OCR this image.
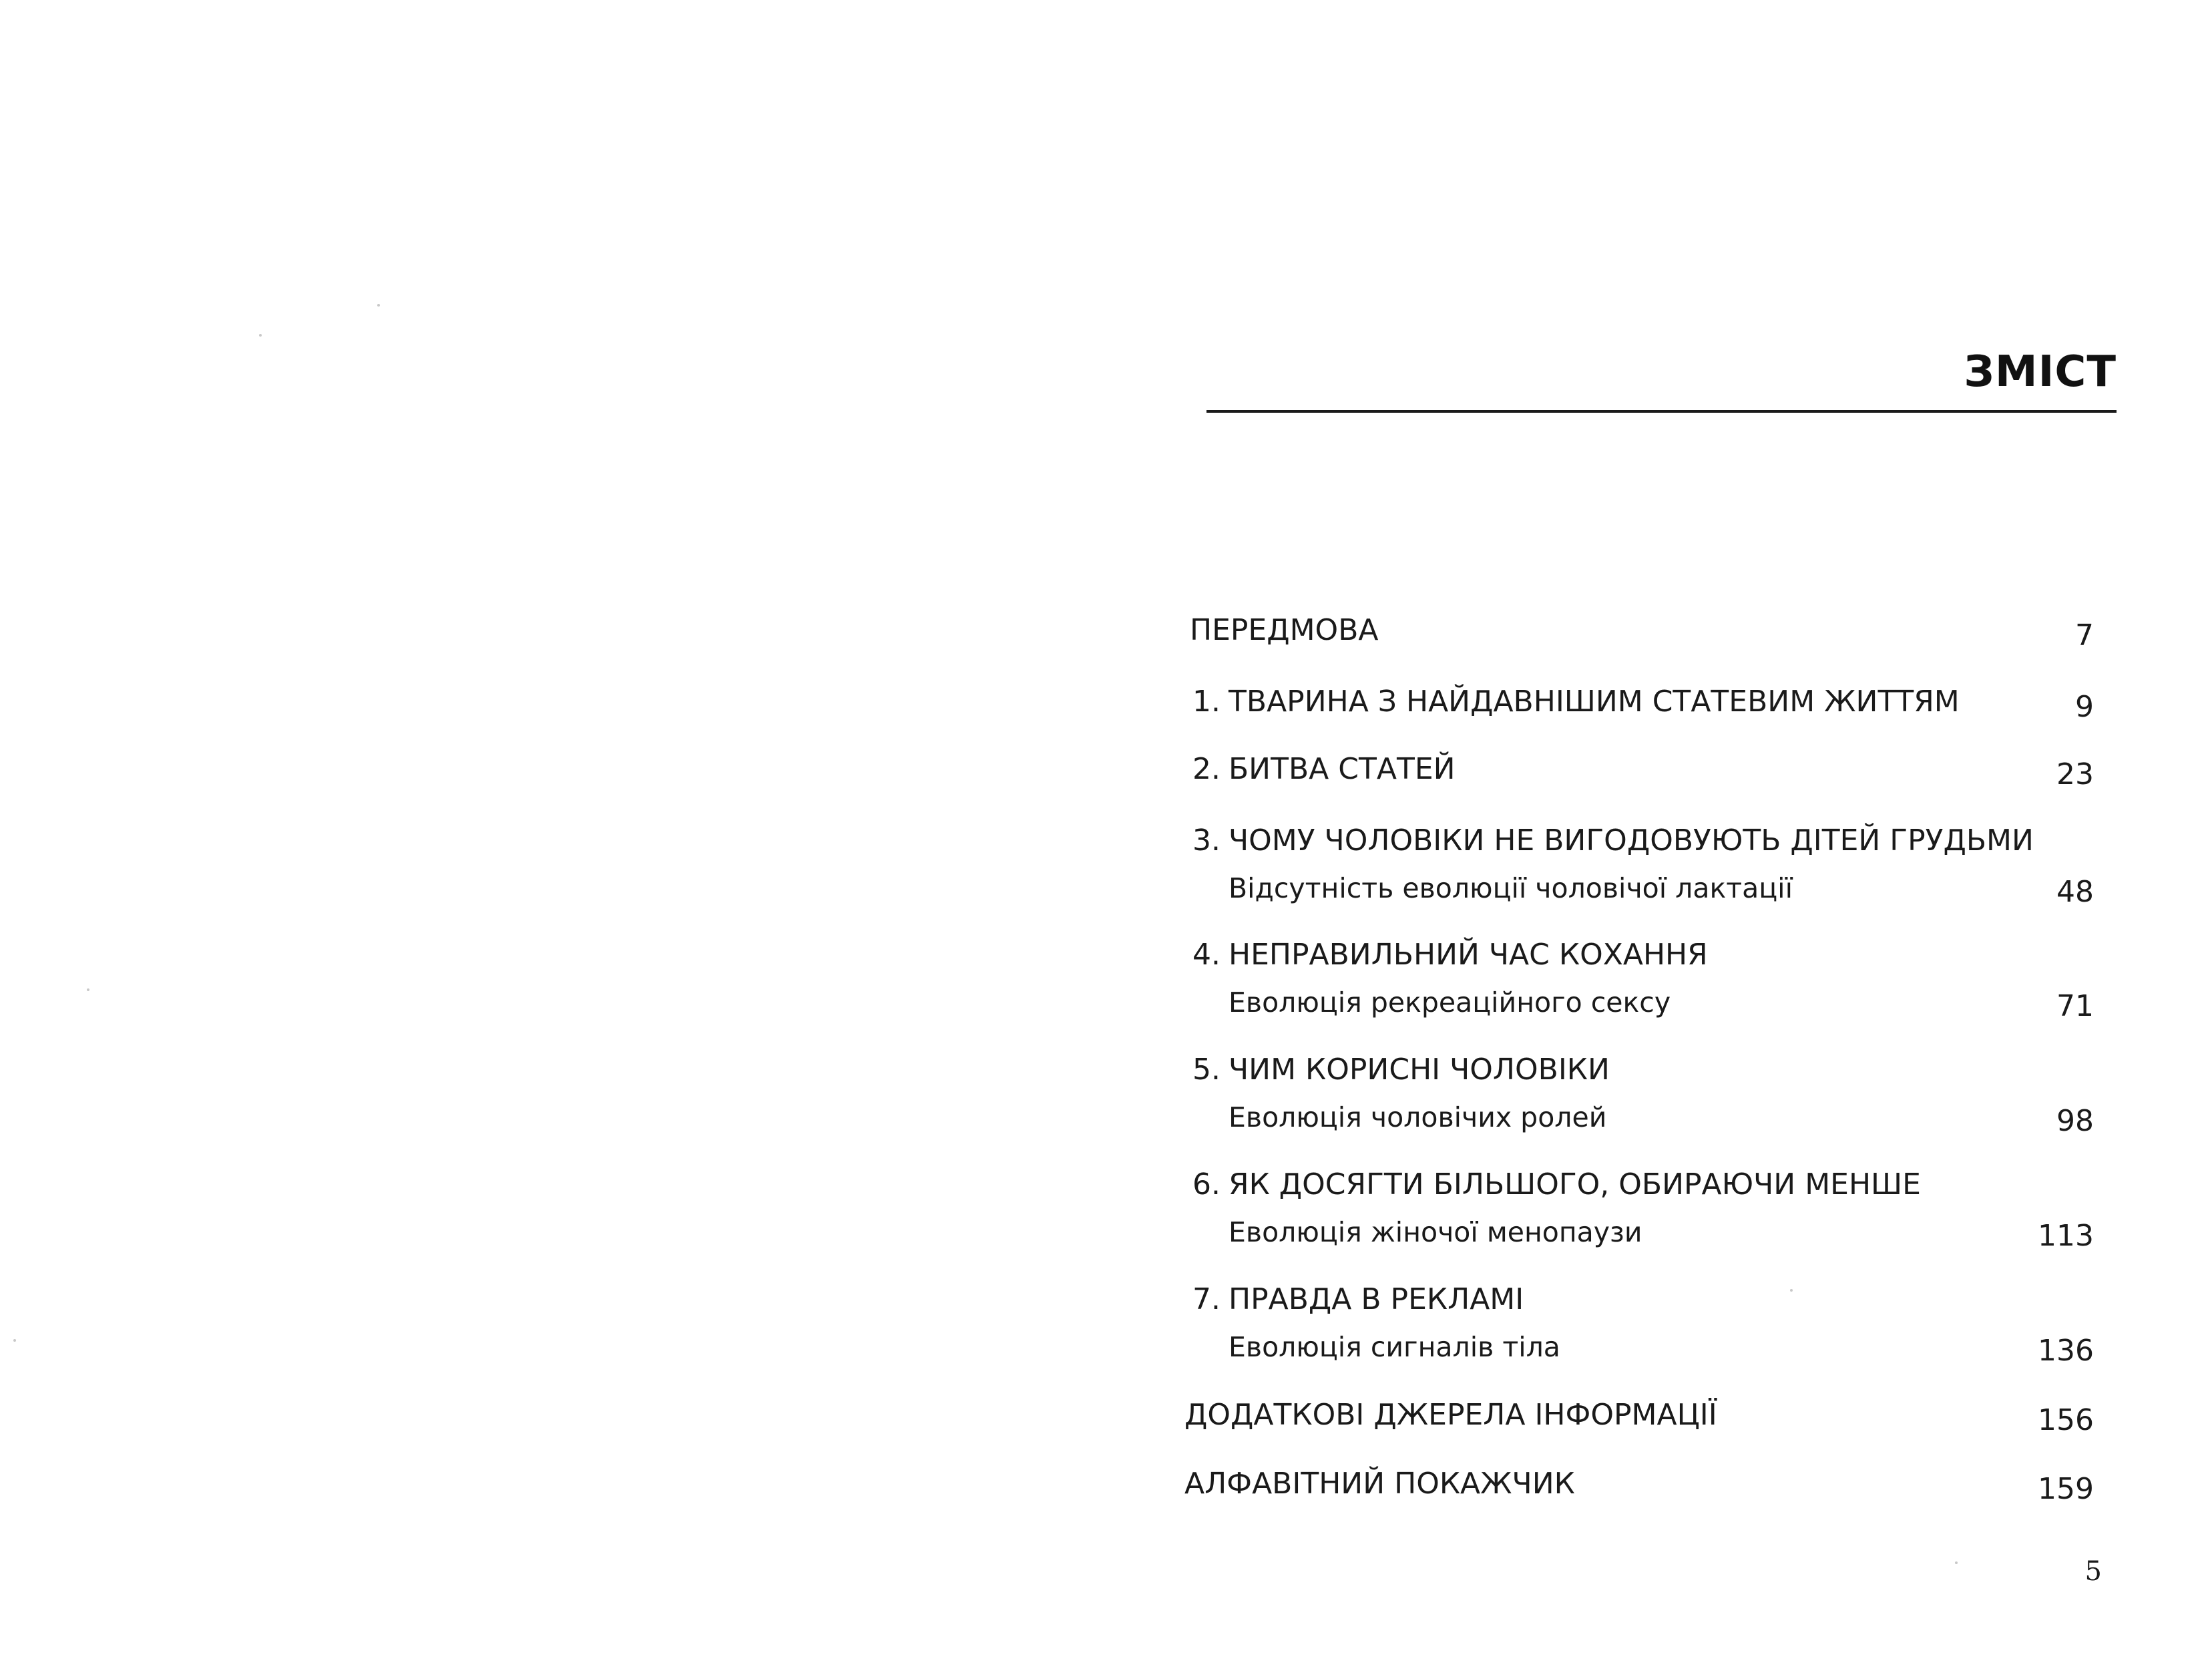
ЗМІСТ
ПЕРЕДМОВА	7
1. ТВАРИНА З НАЙДАВНІШИМ СТАТЕВИМ ЖИТТЯМ	9
2. БИТВА СТАТЕЙ	23
3. ЧОМУ ЧОЛОВІКИ НЕ ВИГОДОВУЮТЬ ДІТЕЙ ГРУДЬМИ
Відсутність еволюції чоловічої лактації	48
4. НЕПРАВИЛЬНИЙ ЧАС КОХАННЯ
Еволюція рекреаційного сексу	71
5. ЧИМ КОРИСНІ ЧОЛОВІКИ
Еволюція чоловічих ролей	98
6. ЯК ДОСЯГТИ БІЛЬШОГО, ОБИРАЮЧИ МЕНШЕ
Еволюція жіночої менопаузи	113
7. ПРАВДА В РЕКЛАМІ
Еволюція сигналів тіла	136
ДОДАТКОВІ ДЖЕРЕЛА ІНФОРМАЦІЇ	156
АЛФАВІТНИЙ ПОКАЖЧИК	159
5
